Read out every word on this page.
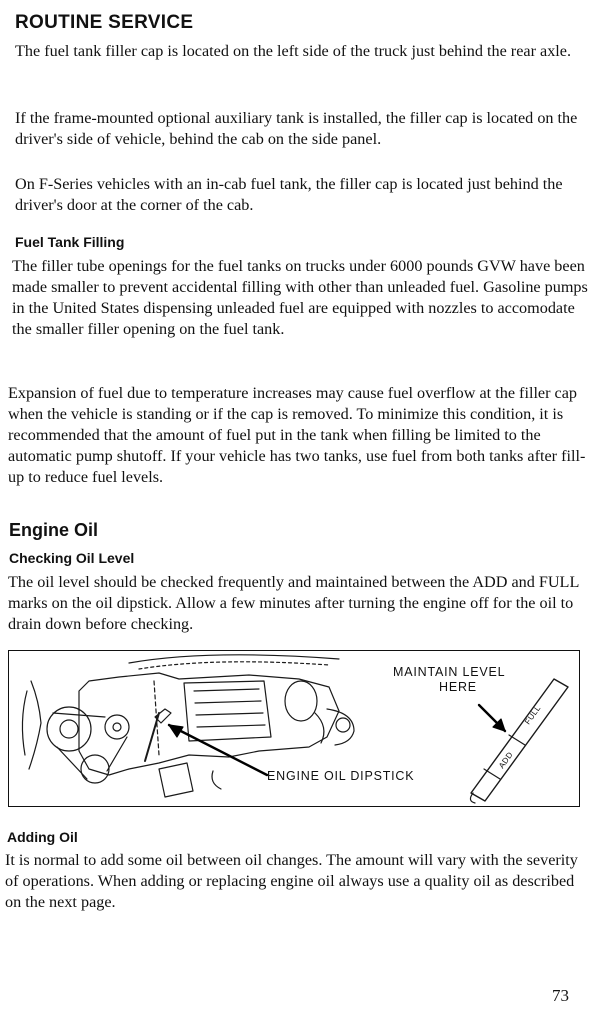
ROUTINE SERVICE

The fuel tank filler cap is located on the left side of the truck just behind the rear axle.

If the frame-mounted optional auxiliary tank is installed, the filler cap is located on the driver's side of vehicle, behind the cab on the side panel.

On F-Series vehicles with an in-cab fuel tank, the filler cap is located just behind the driver's door at the corner of the cab.

Fuel Tank Filling

The filler tube openings for the fuel tanks on trucks under 6000 pounds GVW have been made smaller to prevent accidental filling with other than unleaded fuel. Gasoline pumps in the United States dispensing unleaded fuel are equipped with nozzles to accomodate the smaller filler opening on the fuel tank.

Expansion of fuel due to temperature increases may cause fuel overflow at the filler cap when the vehicle is standing or if the cap is removed. To minimize this condition, it is recommended that the amount of fuel put in the tank when filling be limited to the automatic pump shutoff. If your vehicle has two tanks, use fuel from both tanks after fill-up to reduce fuel levels.

Engine Oil
Checking Oil Level

The oil level should be checked frequently and maintained between the ADD and FULL marks on the oil dipstick. Allow a few minutes after turning the engine off for the oil to drain down before checking.

MAINTAIN LEVEL

HERE

ENGINE OIL DIPSTICK

FULL

ADD

Adding Oil

It is normal to add some oil between oil changes. The amount will vary with the severity of operations. When adding or replacing engine oil always use a quality oil as described on the next page.

73
